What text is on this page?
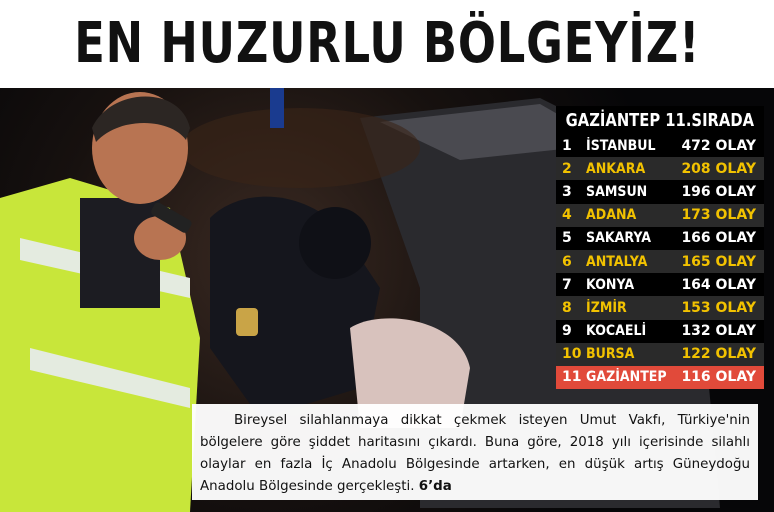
EN HUZURLU BÖLGEYİZ!
GAZİANTEP 11.SIRADA
1	İSTANBUL	472 OLAY
2	ANKARA	208 OLAY
3	SAMSUN	196 OLAY
4	ADANA	173 OLAY
5	SAKARYA	166 OLAY
6	ANTALYA	165 OLAY
7	KONYA	164 OLAY
8	İZMİR	153 OLAY
9	KOCAELİ	132 OLAY
10 BURSA	122 OLAY
11 GAZİANTEP 116 OLAY

Bireysel silahlanmaya dikkat çekmek isteyen Umut Vakfı, Türkiye'nin bölgelere göre şiddet haritasını çıkardı. Buna göre, 2018 yılı içerisinde silahlı olaylar en fazla İç Anadolu Bölgesinde artarken, en düşük artış Güneydoğu Anadolu Bölgesinde gerçekleşti. 6’da
